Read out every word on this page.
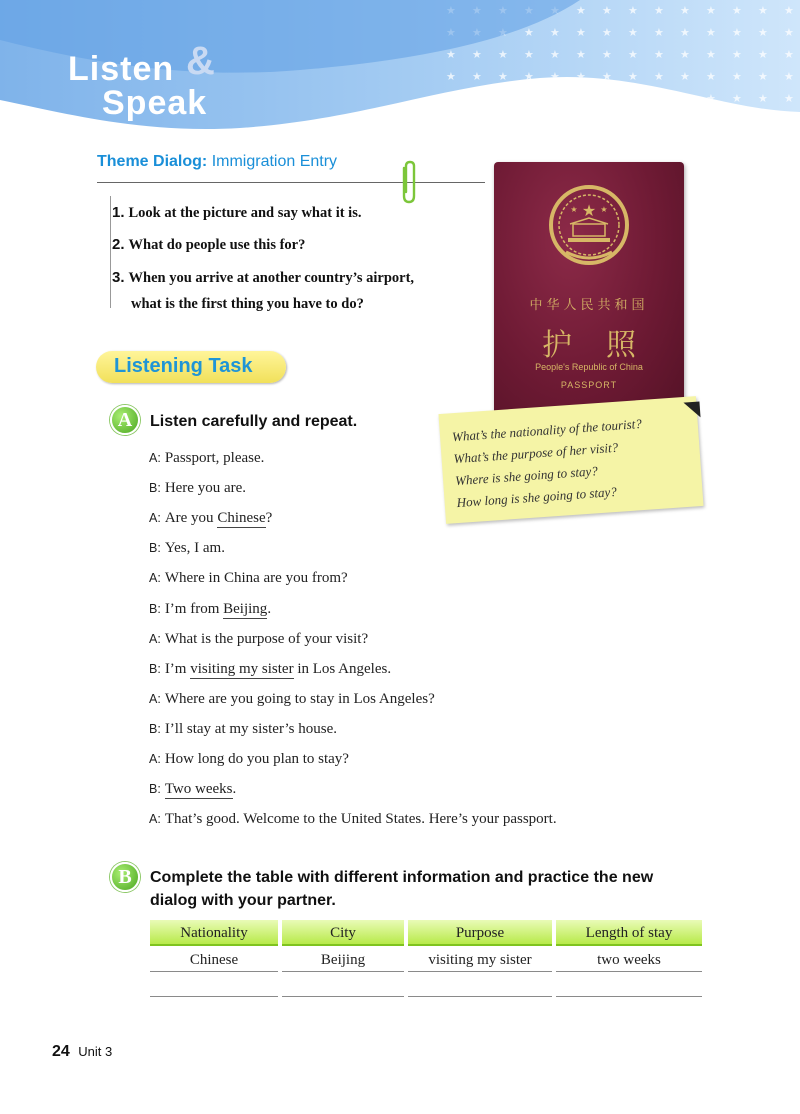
Listen &
Speak
Theme Dialog: Immigration Entry
1. Look at the picture and say what it is.
2. What do people use this for?
3. When you arrive at another country’s airport,
what is the first thing you have to do?
★
★	★
中华人民共和国
护照
People's Republic of China
PASSPORT
What’s the nationality of the tourist?
What’s the purpose of her visit?
Where is she going to stay?
How long is she going to stay?
Listening Task
A	Listen carefully and repeat.
A: Passport, please.
B: Here you are.
A: Are you Chinese?
B: Yes, I am.
A: Where in China are you from?
B: I’m from Beijing.
A: What is the purpose of your visit?
B: I’m visiting my sister in Los Angeles.
A: Where are you going to stay in Los Angeles?
B: I’ll stay at my sister’s house.
A: How long do you plan to stay?
B: Two weeks.
A: That’s good. Welcome to the United States. Here’s your passport.
B	Complete the table with different information and practice the new
dialog with your partner.
Nationality	City	Purpose	Length of stay
Chinese	Beijing	visiting my sister	two weeks
24 Unit 3
